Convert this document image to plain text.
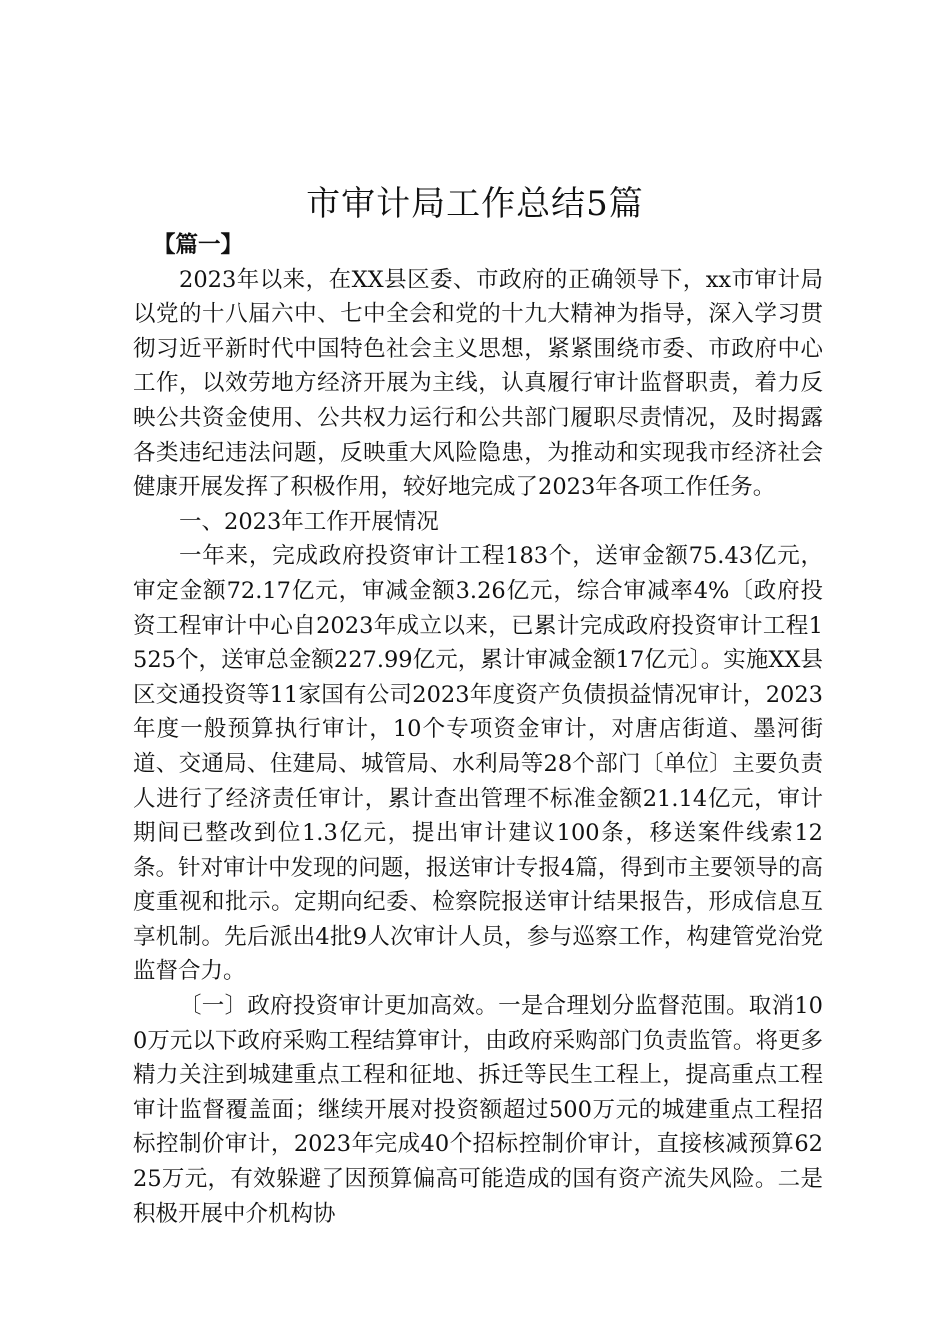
市审计局工作总结5篇

【篇一】

2023年以来，在XX县区委、市政府的正确领导下，xx市审计局以党的十八届六中、七中全会和党的十九大精神为指导，深入学习贯彻习近平新时代中国特色社会主义思想，紧紧围绕市委、市政府中心工作，以效劳地方经济开展为主线，认真履行审计监督职责，着力反映公共资金使用、公共权力运行和公共部门履职尽责情况，及时揭露各类违纪违法问题，反映重大风险隐患，为推动和实现我市经济社会健康开展发挥了积极作用，较好地完成了2023年各项工作任务。

一、2023年工作开展情况

一年来，完成政府投资审计工程183个，送审金额75.43亿元，审定金额72.17亿元，审减金额3.26亿元，综合审减率4%〔政府投资工程审计中心自2023年成立以来，已累计完成政府投资审计工程1525个，送审总金额227.99亿元，累计审减金额17亿元〕。实施XX县区交通投资等11家国有公司2023年度资产负债损益情况审计，2023年度一般预算执行审计，10个专项资金审计，对唐店街道、墨河街道、交通局、住建局、城管局、水利局等28个部门〔单位〕主要负责人进行了经济责任审计，累计查出管理不标准金额21.14亿元，审计期间已整改到位1.3亿元，提出审计建议100条，移送案件线索12条。针对审计中发现的问题，报送审计专报4篇，得到市主要领导的高度重视和批示。定期向纪委、检察院报送审计结果报告，形成信息互享机制。先后派出4批9人次审计人员，参与巡察工作，构建管党治党监督合力。

〔一〕政府投资审计更加高效。一是合理划分监督范围。取消100万元以下政府采购工程结算审计，由政府采购部门负责监管。将更多精力关注到城建重点工程和征地、拆迁等民生工程上，提高重点工程审计监督覆盖面；继续开展对投资额超过500万元的城建重点工程招标控制价审计，2023年完成40个招标控制价审计，直接核减预算6225万元，有效躲避了因预算偏高可能造成的国有资产流失风险。二是积极开展中介机构协
